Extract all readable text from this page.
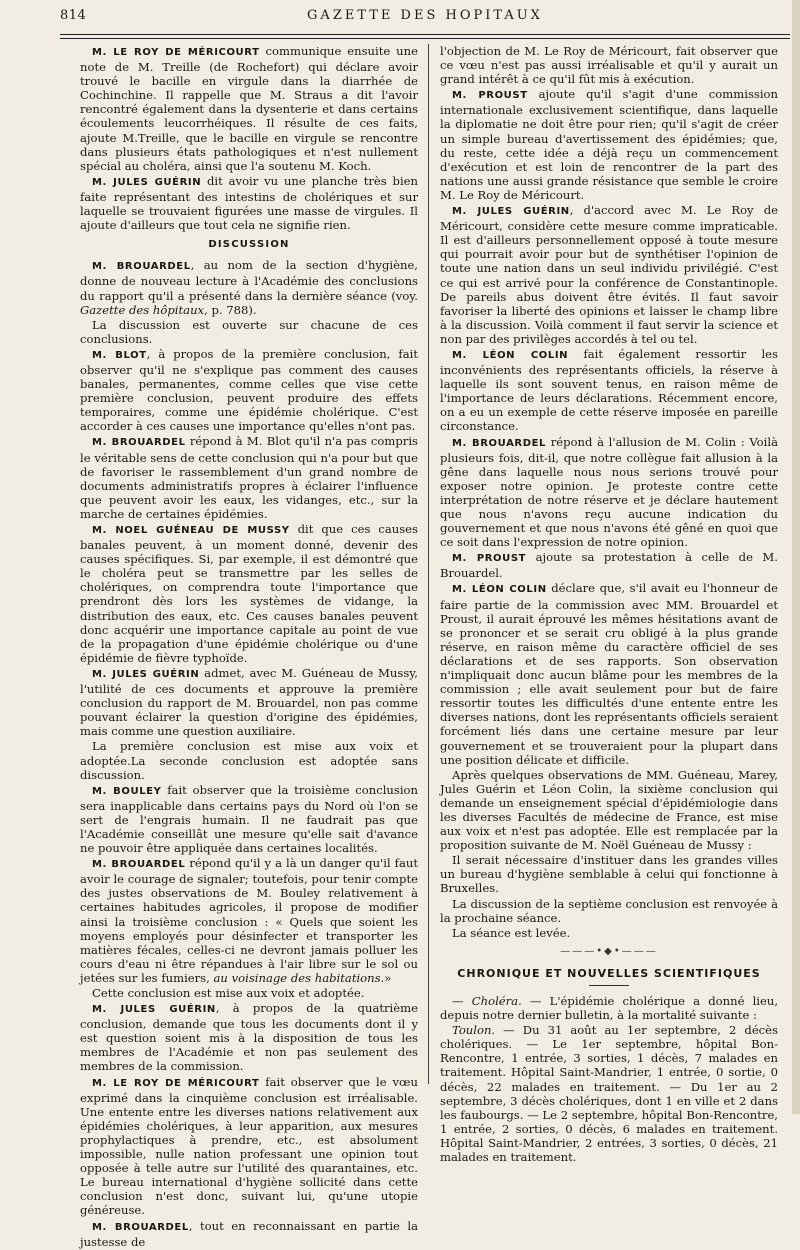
814	GAZETTE DES HOPITAUX

M. LE ROY DE MÉRICOURT communique ensuite une note de M. Treille (de Rochefort) qui déclare avoir trouvé le bacille en virgule dans la diarrhée de Cochinchine. Il rappelle que M. Straus a dit l'avoir rencontré également dans la dysenterie et dans certains écoulements leucorrhéiques. Il résulte de ces faits, ajoute M.Treille, que le bacille en virgule se rencontre dans plusieurs états pathologiques et n'est nullement spécial au choléra, ainsi que l'a soutenu M. Koch.

M. JULES GUÉRIN dit avoir vu une planche très bien faite représentant des intestins de cholériques et sur laquelle se trouvaient figurées une masse de virgules. Il ajoute d'ailleurs que tout cela ne signifie rien.

DISCUSSION

M. BROUARDEL, au nom de la section d'hygiène, donne de nouveau lecture à l'Académie des conclusions du rapport qu'il a présenté dans la dernière séance (voy. Gazette des hôpitaux, p. 788).

La discussion est ouverte sur chacune de ces conclusions.

M. BLOT, à propos de la première conclusion, fait observer qu'il ne s'explique pas comment des causes banales, permanentes, comme celles que vise cette première conclusion, peuvent produire des effets temporaires, comme une épidémie cholérique. C'est accorder à ces causes une importance qu'elles n'ont pas.

M. BROUARDEL répond à M. Blot qu'il n'a pas compris le véritable sens de cette conclusion qui n'a pour but que de favoriser le rassemblement d'un grand nombre de documents administratifs propres à éclairer l'influence que peuvent avoir les eaux, les vidanges, etc., sur la marche de certaines épidémies.

M. NOEL GUÉNEAU DE MUSSY dit que ces causes banales peuvent, à un moment donné, devenir des causes spécifiques. Si, par exemple, il est démontré que le choléra peut se transmettre par les selles de cholériques, on comprendra toute l'importance que prendront dès lors les systèmes de vidange, la distribution des eaux, etc. Ces causes banales peuvent donc acquérir une importance capitale au point de vue de la propagation d'une épidémie cholérique ou d'une épidémie de fièvre typhoïde.

M. JULES GUÉRIN admet, avec M. Guéneau de Mussy, l'utilité de ces documents et approuve la première conclusion du rapport de M. Brouardel, non pas comme pouvant éclairer la question d'origine des épidémies, mais comme une question auxiliaire.

La première conclusion est mise aux voix et adoptée.La seconde conclusion est adoptée sans discussion.

M. BOULEY fait observer que la troisième conclusion sera inapplicable dans certains pays du Nord où l'on se sert de l'engrais humain. Il ne faudrait pas que l'Académie conseillât une mesure qu'elle sait d'avance ne pouvoir être appliquée dans certaines localités.

M. BROUARDEL répond qu'il y a là un danger qu'il faut avoir le courage de signaler; toutefois, pour tenir compte des justes observations de M. Bouley relativement à certaines habitudes agricoles, il propose de modifier ainsi la troisième conclusion : « Quels que soient les moyens employés pour désinfecter et transporter les matières fécales, celles-ci ne devront jamais polluer les cours d'eau ni être répandues à l'air libre sur le sol ou jetées sur les fumiers, au voisinage des habitations.»

Cette conclusion est mise aux voix et adoptée.

M. JULES GUÉRIN, à propos de la quatrième conclusion, demande que tous les documents dont il y est question soient mis à la disposition de tous les membres de l'Académie et non pas seulement des membres de la commission.

M. LE ROY DE MÉRICOURT fait observer que le vœu exprimé dans la cinquième conclusion est irréalisable. Une entente entre les diverses nations relativement aux épidémies cholériques, à leur apparition, aux mesures prophylactiques à prendre, etc., est absolument impossible, nulle nation professant une opinion tout opposée à telle autre sur l'utilité des quarantaines, etc. Le bureau international d'hygiène sollicité dans cette conclusion n'est donc, suivant lui, qu'une utopie généreuse.

M. BROUARDEL, tout en reconnaissant en partie la justesse de

l'objection de M. Le Roy de Méricourt, fait observer que ce vœu n'est pas aussi irréalisable et qu'il y aurait un grand intérêt à ce qu'il fût mis à exécution.

M. PROUST ajoute qu'il s'agit d'une commission internationale exclusivement scientifique, dans laquelle la diplomatie ne doit être pour rien; qu'il s'agit de créer un simple bureau d'avertissement des épidémies; que, du reste, cette idée a déjà reçu un commencement d'exécution et est loin de rencontrer de la part des nations une aussi grande résistance que semble le croire M. Le Roy de Méricourt.

M. JULES GUÉRIN, d'accord avec M. Le Roy de Méricourt, considère cette mesure comme impraticable. Il est d'ailleurs personnellement opposé à toute mesure qui pourrait avoir pour but de synthétiser l'opinion de toute une nation dans un seul individu privilégié. C'est ce qui est arrivé pour la conférence de Constantinople. De pareils abus doivent être évités. Il faut savoir favoriser la liberté des opinions et laisser le champ libre à la discussion. Voilà comment il faut servir la science et non par des privilèges accordés à tel ou tel.

M. LÉON COLIN fait également ressortir les inconvénients des représentants officiels, la réserve à laquelle ils sont souvent tenus, en raison même de l'importance de leurs déclarations. Récemment encore, on a eu un exemple de cette réserve imposée en pareille circonstance.

M. BROUARDEL répond à l'allusion de M. Colin : Voilà plusieurs fois, dit-il, que notre collègue fait allusion à la gêne dans laquelle nous nous serions trouvé pour exposer notre opinion. Je proteste contre cette interprétation de notre réserve et je déclare hautement que nous n'avons reçu aucune indication du gouvernement et que nous n'avons été gêné en quoi que ce soit dans l'expression de notre opinion.

M. PROUST ajoute sa protestation à celle de M. Brouardel.

M. LÉON COLIN déclare que, s'il avait eu l'honneur de faire partie de la commission avec MM. Brouardel et Proust, il aurait éprouvé les mêmes hésitations avant de se prononcer et se serait cru obligé à la plus grande réserve, en raison même du caractère officiel de ses déclarations et de ses rapports. Son observation n'impliquait donc aucun blâme pour les membres de la commission ; elle avait seulement pour but de faire ressortir toutes les difficultés d'une entente entre les diverses nations, dont les représentants officiels seraient forcément liés dans une certaine mesure par leur gouvernement et se trouveraient pour la plupart dans une position délicate et difficile.

Après quelques observations de MM. Guéneau, Marey, Jules Guérin et Léon Colin, la sixième conclusion qui demande un enseignement spécial d'épidémiologie dans les diverses Facultés de médecine de France, est mise aux voix et n'est pas adoptée. Elle est remplacée par la proposition suivante de M. Noël Guéneau de Mussy :

Il serait nécessaire d'instituer dans les grandes villes un bureau d'hygiène semblable à celui qui fonctionne à Bruxelles.

La discussion de la septième conclusion est renvoyée à la prochaine séance.

La séance est levée.

———•◆•———
CHRONIQUE ET NOUVELLES SCIENTIFIQUES

— Choléra. — L'épidémie cholérique a donné lieu, depuis notre dernier bulletin, à la mortalité suivante :

Toulon. — Du 31 août au 1er septembre, 2 décès cholériques. — Le 1er septembre, hôpital Bon-Rencontre, 1 entrée, 3 sorties, 1 décès, 7 malades en traitement. Hôpital Saint-Mandrier, 1 entrée, 0 sortie, 0 décès, 22 malades en traitement. — Du 1er au 2 septembre, 3 décès cholériques, dont 1 en ville et 2 dans les faubourgs. — Le 2 septembre, hôpital Bon-Rencontre, 1 entrée, 2 sorties, 0 décès, 6 malades en traitement. Hôpital Saint-Mandrier, 2 entrées, 3 sorties, 0 décès, 21 malades en traitement.
